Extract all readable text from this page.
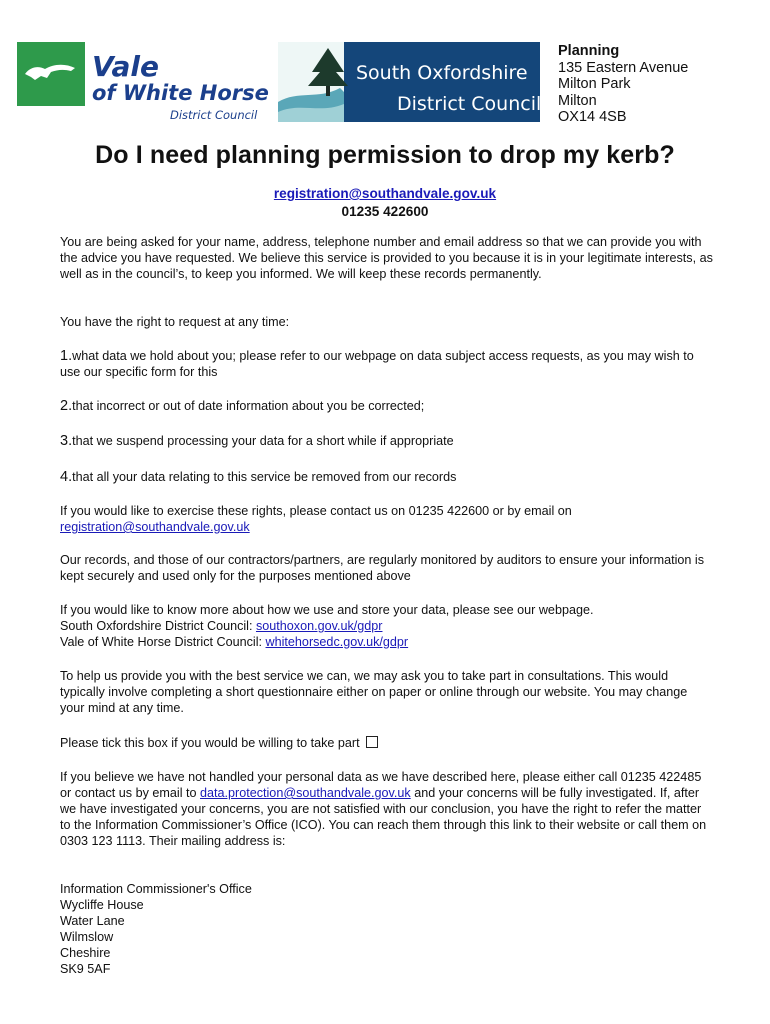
Vale
of White Horse
District Council
South Oxfordshire
District Council
Planning
135 Eastern Avenue
Milton Park
Milton
OX14 4SB
Do I need planning permission to drop my kerb?
registration@southandvale.gov.uk
01235 422600

You are being asked for your name, address, telephone number and email address so that we can provide you with the advice you have requested. We believe this service is provided to you because it is in your legitimate interests, as well as in the council’s, to keep you informed. We will keep these records permanently.

You have the right to request at any time:

1.what data we hold about you; please refer to our webpage on data subject access requests, as you may wish to use our specific form for this

2.that incorrect or out of date information about you be corrected;

3.that we suspend processing your data for a short while if appropriate

4.that all your data relating to this service be removed from our records

If you would like to exercise these rights, please contact us on 01235 422600 or by email on
registration@southandvale.gov.uk

Our records, and those of our contractors/partners, are regularly monitored by auditors to ensure your information is kept securely and used only for the purposes mentioned above

If you would like to know more about how we use and store your data, please see our webpage.
South Oxfordshire District Council: southoxon.gov.uk/gdpr
Vale of White Horse District Council: whitehorsedc.gov.uk/gdpr

To help us provide you with the best service we can, we may ask you to take part in consultations. This would typically involve completing a short questionnaire either on paper or online through our website. You may change your mind at any time.

Please tick this box if you would be willing to take part

If you believe we have not handled your personal data as we have described here, please either call 01235 422485 or contact us by email to data.protection@southandvale.gov.uk and your concerns will be fully investigated. If, after we have investigated your concerns, you are not satisfied with our conclusion, you have the right to refer the matter to the Information Commissioner’s Office (ICO). You can reach them through this link to their website or call them on 0303 123 1113. Their mailing address is:

Information Commissioner's Office
Wycliffe House
Water Lane
Wilmslow
Cheshire
SK9 5AF
